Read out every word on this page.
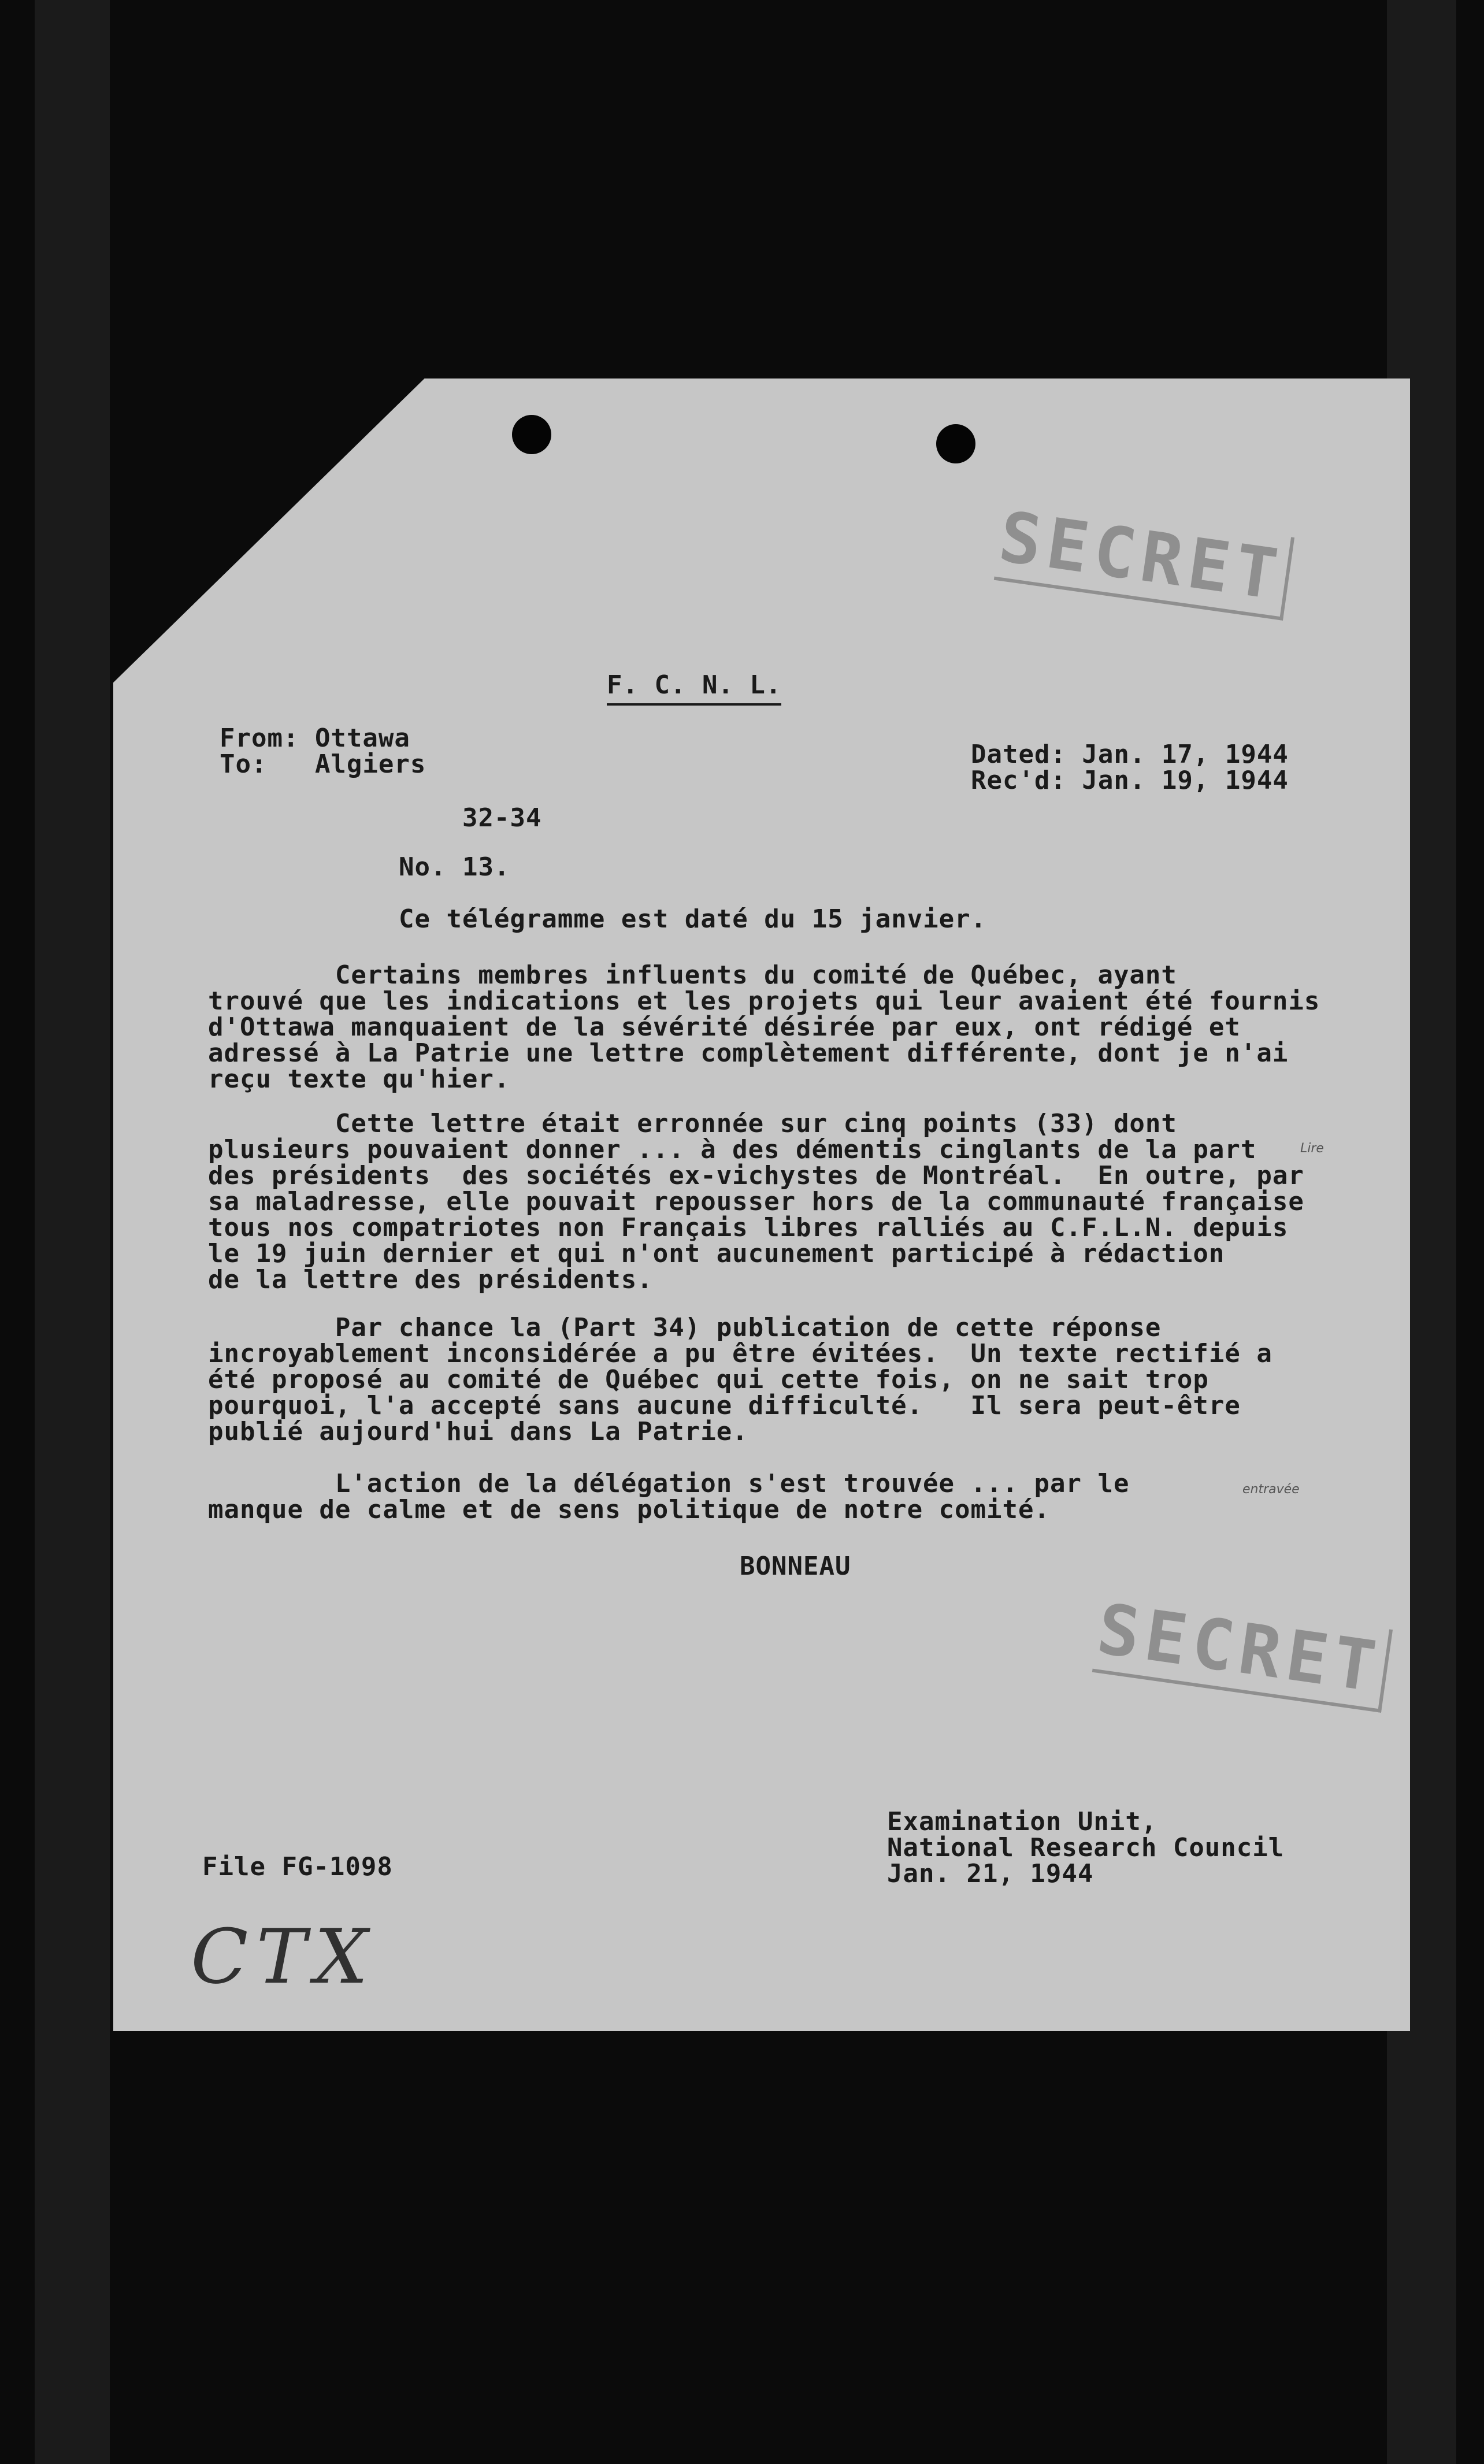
SECRET
SECRET
F. C. N. L.
From: Ottawa
To:   Algiers	Dated: Jan. 17, 1944
Rec'd: Jan. 19, 1944
32-34
No. 13.
Ce télégramme est daté du 15 janvier.
Certains membres influents du comité de Québec, ayant
trouvé que les indications et les projets qui leur avaient été fournis
d'Ottawa manquaient de la sévérité désirée par eux, ont rédigé et
adressé à La Patrie une lettre complètement différente, dont je n'ai
reçu texte qu'hier.
Cette lettre était erronnée sur cinq points (33) dont
plusieurs pouvaient donner ... à des démentis cinglants de la part
des présidents  des sociétés ex-vichystes de Montréal.  En outre, par
sa maladresse, elle pouvait repousser hors de la communauté française
tous nos compatriotes non Français libres ralliés au C.F.L.N. depuis
le 19 juin dernier et qui n'ont aucunement participé à rédaction
de la lettre des présidents.
Par chance la (Part 34) publication de cette réponse
incroyablement inconsidérée a pu être évitées.  Un texte rectifié a
été proposé au comité de Québec qui cette fois, on ne sait trop
pourquoi, l'a accepté sans aucune difficulté.   Il sera peut-être
publié aujourd'hui dans La Patrie.
L'action de la délégation s'est trouvée ... par le
manque de calme et de sens politique de notre comité.
BONNEAU
Lire
entravée
Examination Unit,
National Research Council
Jan. 21, 1944
File FG-1098
CTX
